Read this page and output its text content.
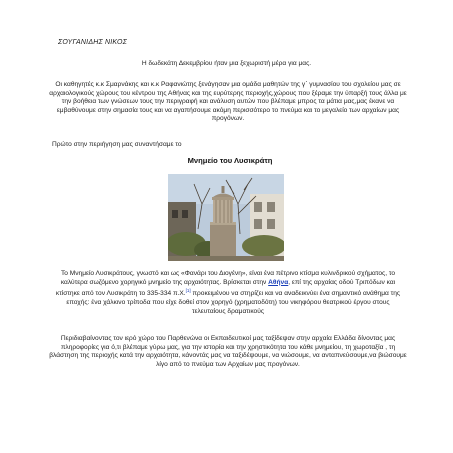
ΣΟΥΓΑΝΙΔΗΣ ΝΙΚΟΣ
Η δωδεκάτη Δεκεμβρίου ήταν μια ξεχωριστή μέρα για μας.
Οι καθηγητές κ.κ Σμαρνάκης και κ.κ Ραφανιώτης ξενάγησαν μια ομάδα μαθητών της γ΄ γυμνασίου του σχολείου μας σε αρχαιολογικούς χώρους του κέντρου της Αθήνας και της ευρύτερης περιοχής,χώρους που ξέραμε την ύπαρξή τους άλλα με την βοήθεια των γνώσεων τους την περιγραφή και ανάλυση αυτών που βλέπαμε μπρος τα μάτια μας,μας έκανε να εμβαθύνουμε στην σημασία τους και να αγαπήσουμε ακόμη περισσότερο το πνεύμα και το μεγαλείο των αρχαίων μας προγόνων.
Πρώτο στην περιήγηση μας συναντήσαμε το
Μνημείο του Λυσικράτη
Το Μνημείο Λυσικράτους, γνωστό και ως «Φανάρι του Διογένη», είναι ένα πέτρινο κτίσμα κυλινδρικού σχήματος, το καλύτερα σωζόμενο χορηγικό μνημείο της αρχαιότητας. Βρίσκεται στην Αθήνα, επί της αρχαίας οδού Τριπόδων και κτίστηκε από τον Λυσικράτη το 335-334 π.Χ.[1] προκειμένου να στηρίζει και να αναδεικνύει ένα σημαντικό ανάθημα της εποχής: ένα χάλκινο τρίποδα που είχε δοθεί στον χορηγό (χρηματοδότη) του νικηφόρου θεατρικού έργου στους τελευταίους δραματικούς
Περιδιαβαίνοντας τον ιερό χώρο του Παρθενώνα οι Εκπαιδευτικοί μας ταξίδεψαν στην αρχαία Ελλάδα δίνοντας μας πληροφορίες για ό,τι βλέπαμε γύρω μας, για την ιστορία και την χρηστικότητα του κάθε μνημείου, τη χωροταξία , τη βλάστηση της περιοχής κατά την αρχαιότητα, κάνοντάς μας να ταξιδέψουμε, να νιώσουμε, να ανταπνεύσουμε,να βιώσουμε λίγο από το πνεύμα των Αρχαίων μας προγόνων.
